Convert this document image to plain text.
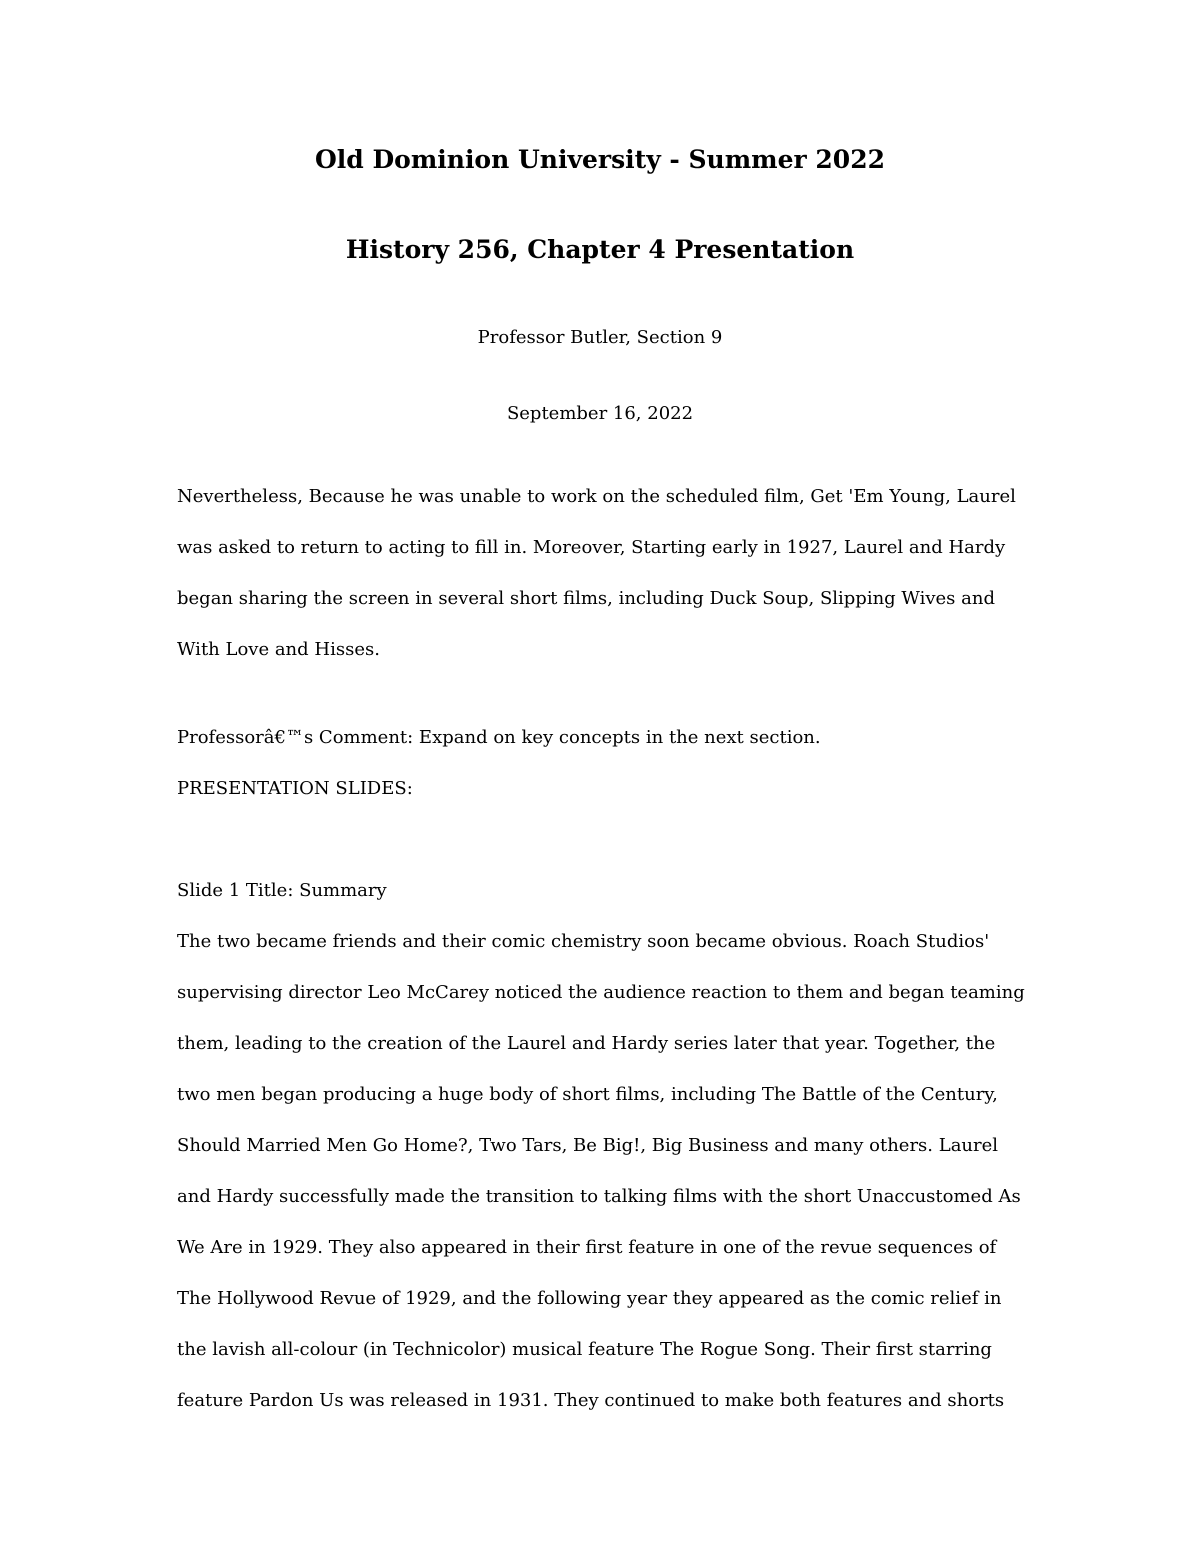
Old Dominion University - Summer 2022
History 256, Chapter 4 Presentation

Professor Butler, Section 9

September 16, 2022

Nevertheless, Because he was unable to work on the scheduled film, Get 'Em Young, Laurel was asked to return to acting to fill in. Moreover, Starting early in 1927, Laurel and Hardy began sharing the screen in several short films, including Duck Soup, Slipping Wives and With Love and Hisses.

Professorâ€™s Comment: Expand on key concepts in the next section.

PRESENTATION SLIDES:

Slide 1 Title: Summary

The two became friends and their comic chemistry soon became obvious. Roach Studios' supervising director Leo McCarey noticed the audience reaction to them and began teaming them, leading to the creation of the Laurel and Hardy series later that year. Together, the two men began producing a huge body of short films, including The Battle of the Century, Should Married Men Go Home?, Two Tars, Be Big!, Big Business and many others. Laurel and Hardy successfully made the transition to talking films with the short Unaccustomed As We Are in 1929. They also appeared in their first feature in one of the revue sequences of The Hollywood Revue of 1929, and the following year they appeared as the comic relief in the lavish all-colour (in Technicolor) musical feature The Rogue Song. Their first starring feature Pardon Us was released in 1931. They continued to make both features and shorts
